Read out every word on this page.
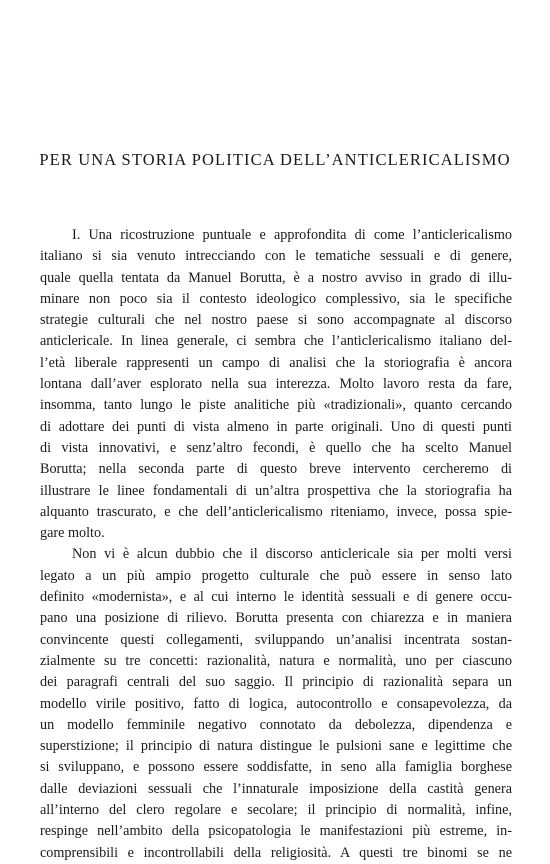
PER UNA STORIA POLITICA DELL’ANTICLERICALISMO
I. Una ricostruzione puntuale e approfondita di come l’anticlericalismo
italiano si sia venuto intrecciando con le tematiche sessuali e di genere,
quale quella tentata da Manuel Borutta, è a nostro avviso in grado di illu-
minare non poco sia il contesto ideologico complessivo, sia le specifiche
strategie culturali che nel nostro paese si sono accompagnate al discorso
anticlericale. In linea generale, ci sembra che l’anticlericalismo italiano del-
l’età liberale rappresenti un campo di analisi che la storiografia è ancora
lontana dall’aver esplorato nella sua interezza. Molto lavoro resta da fare,
insomma, tanto lungo le piste analitiche più «tradizionali», quanto cercando
di adottare dei punti di vista almeno in parte originali. Uno di questi punti
di vista innovativi, e senz’altro fecondi, è quello che ha scelto Manuel
Borutta; nella seconda parte di questo breve intervento cercheremo di
illustrare le linee fondamentali di un’altra prospettiva che la storiografia ha
alquanto trascurato, e che dell’anticlericalismo riteniamo, invece, possa spie-
gare molto.
Non vi è alcun dubbio che il discorso anticlericale sia per molti versi
legato a un più ampio progetto culturale che può essere in senso lato
definito «modernista», e al cui interno le identità sessuali e di genere occu-
pano una posizione di rilievo. Borutta presenta con chiarezza e in maniera
convincente questi collegamenti, sviluppando un’analisi incentrata sostan-
zialmente su tre concetti: razionalità, natura e normalità, uno per ciascuno
dei paragrafi centrali del suo saggio. Il principio di razionalità separa un
modello virile positivo, fatto di logica, autocontrollo e consapevolezza, da
un modello femminile negativo connotato da debolezza, dipendenza e
superstizione; il principio di natura distingue le pulsioni sane e legittime che
si sviluppano, e possono essere soddisfatte, in seno alla famiglia borghese
dalle deviazioni sessuali che l’innaturale imposizione della castità genera
all’interno del clero regolare e secolare; il principio di normalità, infine,
respinge nell’ambito della psicopatologia le manifestazioni più estreme, in-
comprensibili e incontrollabili della religiosità. A questi tre binomi se ne
